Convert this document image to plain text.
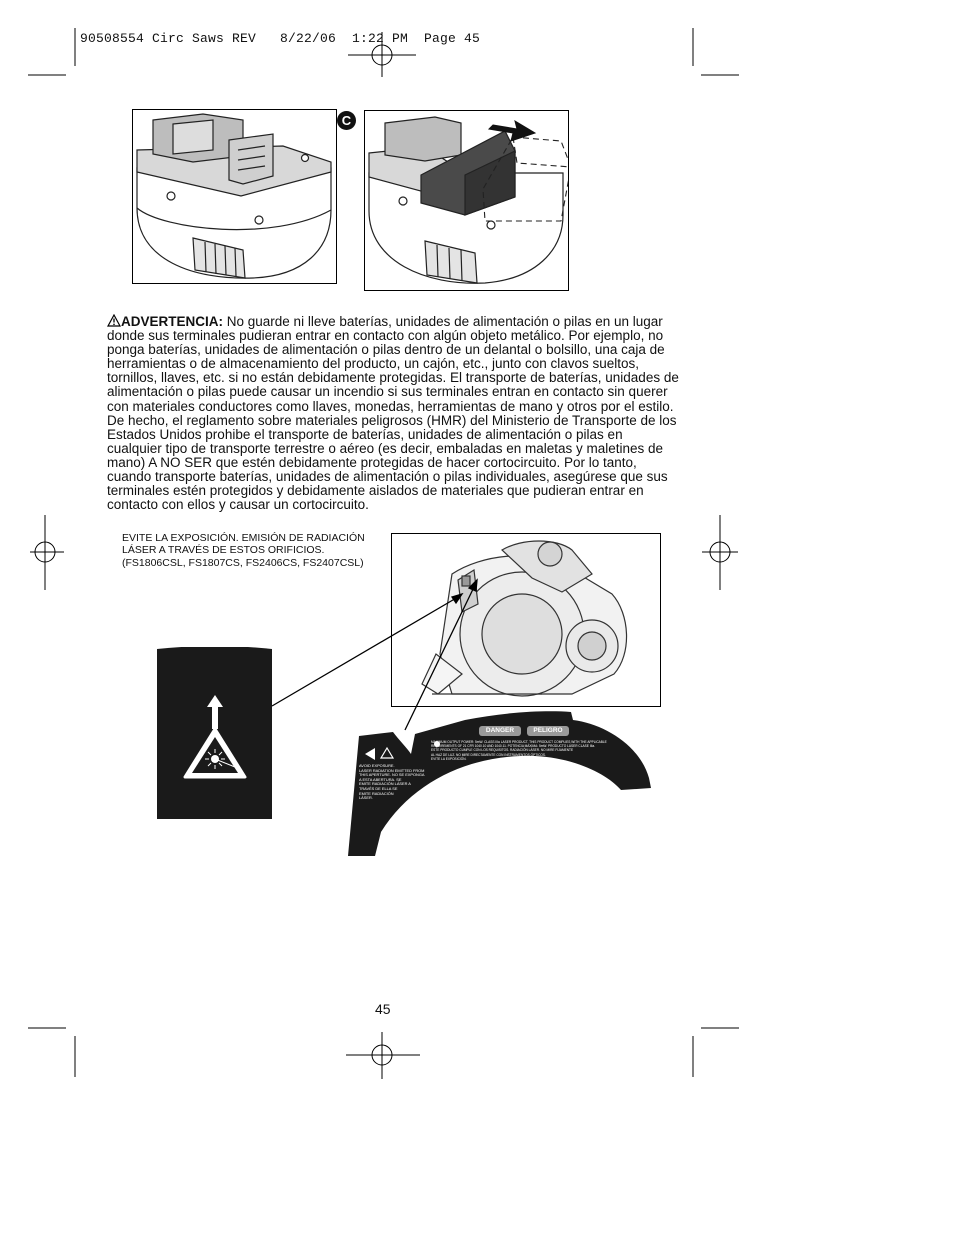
90508554 Circ Saws REV   8/22/06  1:22 PM  Page 45
C
ADVERTENCIA: No guarde ni lleve baterías, unidades de alimentación o pilas en un lugar donde sus terminales pudieran entrar en contacto con algún objeto metálico. Por ejemplo, no ponga baterías, unidades de alimentación o pilas dentro de un delantal o bolsillo, una caja de herramientas o de almacenamiento del producto, un cajón, etc., junto con clavos sueltos, tornillos, llaves, etc. si no están debidamente protegidas. El transporte de baterías, unidades de alimentación o pilas puede causar un incendio si sus terminales entran en contacto sin querer con materiales conductores como llaves, monedas, herramientas de mano y otros por el estilo. De hecho, el reglamento sobre materiales peligrosos (HMR) del Ministerio de Transporte de los Estados Unidos prohibe el transporte de baterías, unidades de alimentación o pilas en cualquier tipo de transporte terrestre o aéreo (es decir, embaladas en maletas y maletines de mano) A NO SER que estén debidamente protegidas de hacer cortocircuito. Por lo tanto, cuando transporte baterías, unidades de alimentación o pilas individuales, asegúrese que sus terminales estén protegidos y debidamente aislados de materiales que pudieran entrar en contacto con ellos y causar un cortocircuito.
EVITE LA EXPOSICIÓN. EMISIÓN DE RADIACIÓN
LÁSER A TRAVÉS DE ESTOS ORIFICIOS.
(FS1806CSL, FS1807CS, FS2406CS, FS2407CSL)
DANGER	PELIGRO
AVOID EXPOSURE.
LASER RADIATION EMITTED FROM
THIS APERTURE. NO SE EXPONGA
A ESTA ABERTURA. SE
EMITE RADIACIÓN LÁSER A
TRAVÉS DE ELLA SE
EMITE RADIACIÓN
LÁSER.
MAXIMUM OUTPUT POWER: 5mW. CLASS IIIa LASER PRODUCT. THIS PRODUCT COMPLIES WITH THE APPLICABLE
REQUIREMENTS OF 21 CFR 1040.10 AND 1040.11. POTENCIA MÁXIMA: 5mW. PRODUCTO LÁSER CLASE IIIa.
ESTE PRODUCTO CUMPLE CON LOS REQUISITOS. RADIACIÓN LÁSER. NO MIRE FIJAMENTE
AL HAZ DE LUZ. NO MIRE DIRECTAMENTE CON INSTRUMENTOS ÓPTICOS.
EVITE LA EXPOSICIÓN.
45
